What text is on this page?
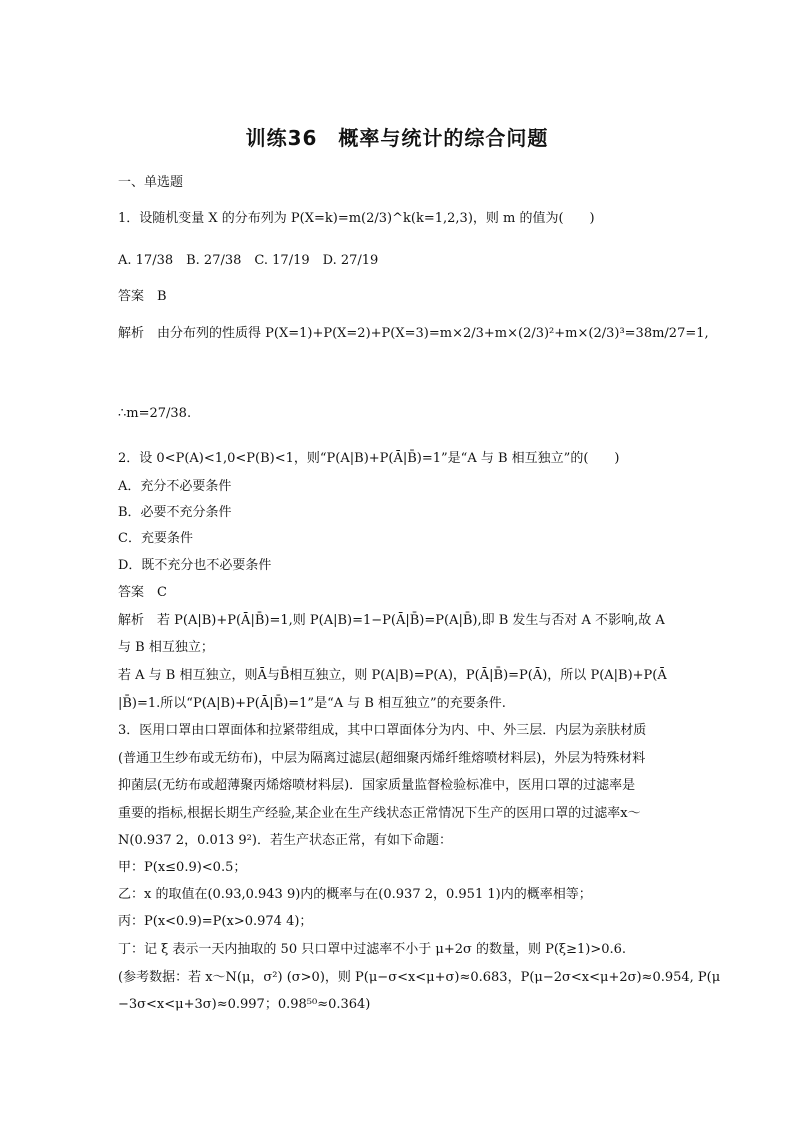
训练36　概率与统计的综合问题
一、单选题
1．设随机变量 X 的分布列为 P(X=k)=m(2/3)^k(k=1,2,3)，则 m 的值为(　　)
A. 17/38　B. 27/38　C. 17/19　D. 27/19
答案　B
解析　由分布列的性质得 P(X=1)+P(X=2)+P(X=3)=m×2/3+m×(2/3)²+m×(2/3)³=38m/27=1,
∴m=27/38.
2．设 0<P(A)<1,0<P(B)<1，则“P(A|B)+P(Ā|B̄)=1”是“A 与 B 相互独立”的(　　)
A．充分不必要条件
B．必要不充分条件
C．充要条件
D．既不充分也不必要条件
答案　C
解析　若 P(A|B)+P(Ā|B̄)=1,则 P(A|B)=1−P(Ā|B̄)=P(A|B̄),即 B 发生与否对 A 不影响,故 A
与 B 相互独立；
若 A 与 B 相互独立，则Ā与B̄相互独立，则 P(A|B)=P(A)，P(Ā|B̄)=P(Ā)，所以 P(A|B)+P(Ā
|B̄)=1.所以“P(A|B)+P(Ā|B̄)=1”是“A 与 B 相互独立”的充要条件.
3．医用口罩由口罩面体和拉紧带组成，其中口罩面体分为内、中、外三层．内层为亲肤材质
(普通卫生纱布或无纺布)，中层为隔离过滤层(超细聚丙烯纤维熔喷材料层)，外层为特殊材料
抑菌层(无纺布或超薄聚丙烯熔喷材料层)．国家质量监督检验标准中，医用口罩的过滤率是
重要的指标,根据长期生产经验,某企业在生产线状态正常情况下生产的医用口罩的过滤率x～
N(0.937 2，0.013 9²)．若生产状态正常，有如下命题：
甲：P(x≤0.9)<0.5；
乙：x 的取值在(0.93,0.943 9)内的概率与在(0.937 2，0.951 1)内的概率相等；
丙：P(x<0.9)=P(x>0.974 4)；
丁：记 ξ 表示一天内抽取的 50 只口罩中过滤率不小于 μ+2σ 的数量，则 P(ξ≥1)>0.6.
(参考数据：若 x～N(μ，σ²) (σ>0)，则 P(μ−σ<x<μ+σ)≈0.683，P(μ−2σ<x<μ+2σ)≈0.954, P(μ
−3σ<x<μ+3σ)≈0.997；0.98⁵⁰≈0.364)
